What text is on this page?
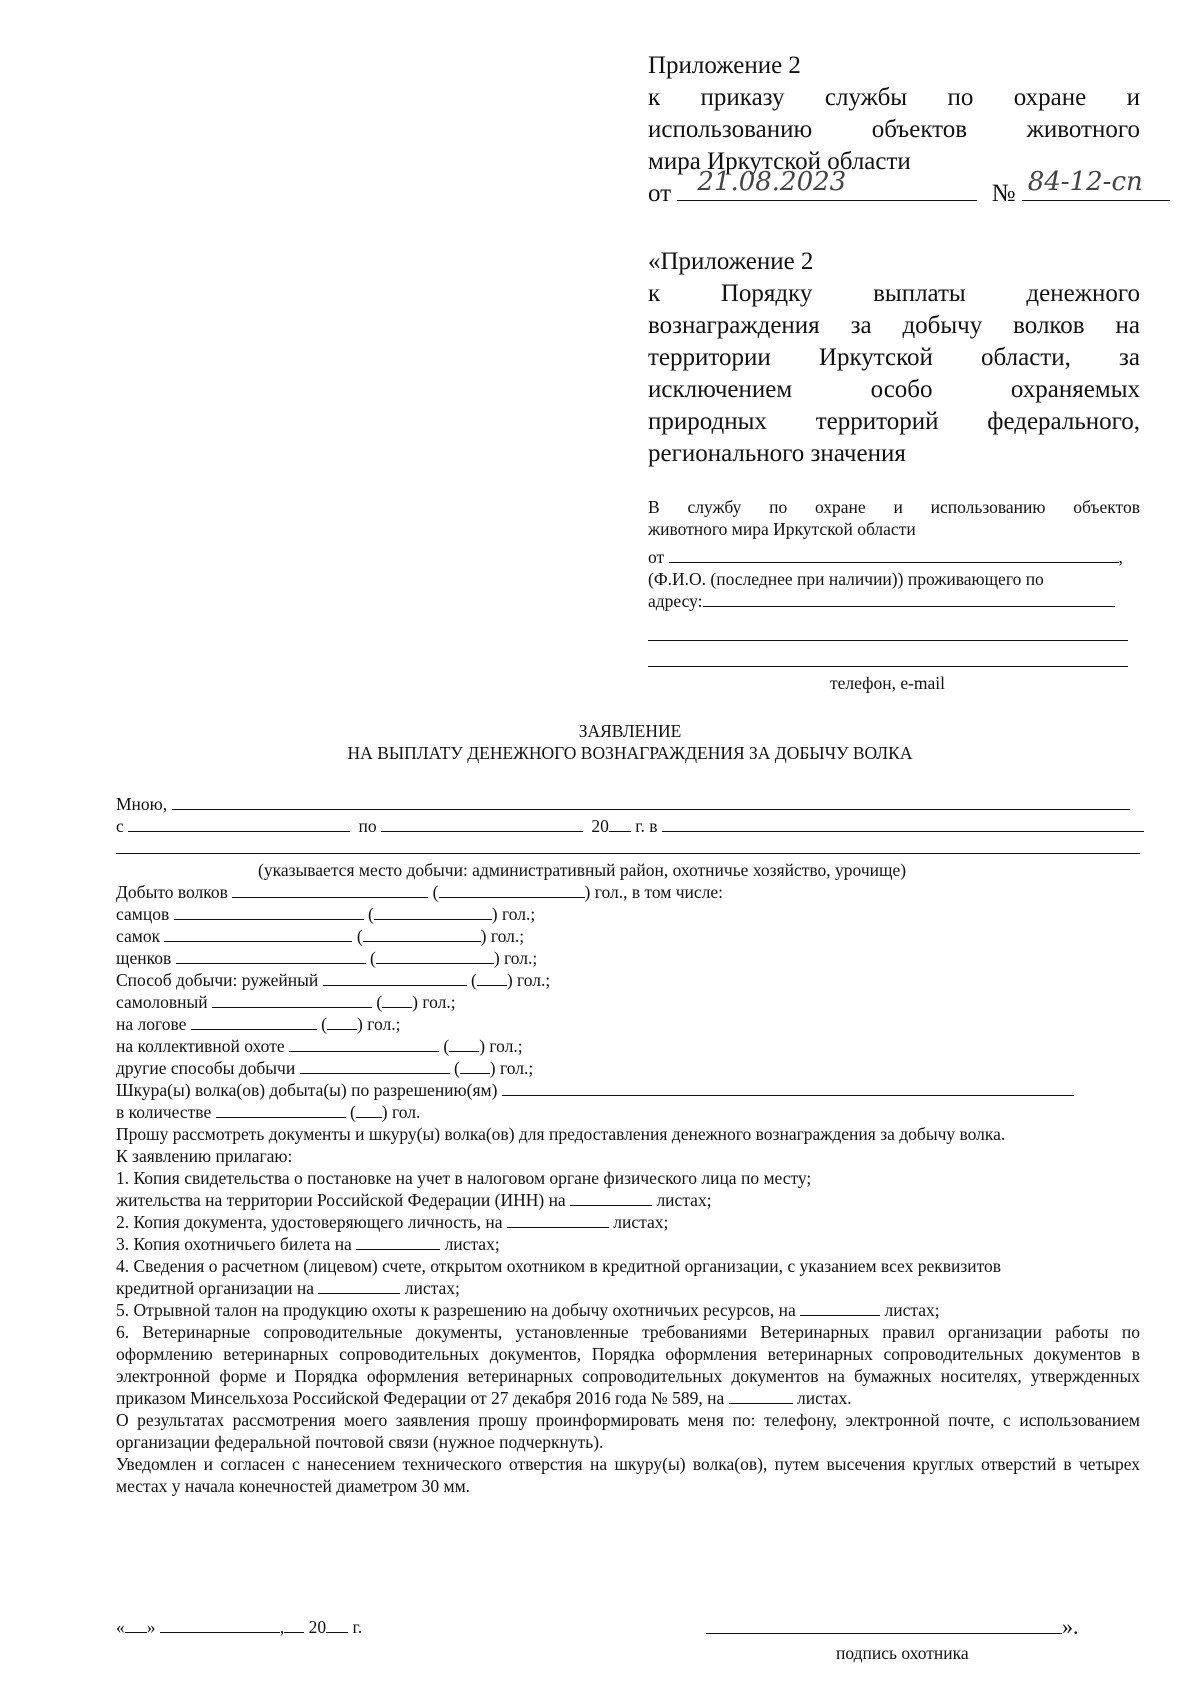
Приложение 2
к приказу службы по охране и
использованию объектов животного
мира Иркутской области
от 21.08.2023	№ 84-12-сп
«Приложение 2
к Порядку выплаты денежного
вознаграждения за добычу волков на
территории Иркутской области, за
исключением особо охраняемых
природных территорий федерального,
регионального значения
В службу по охране и использованию объектов
животного мира Иркутской области
от	,
(Ф.И.О. (последнее при наличии)) проживающего по
адресу:
телефон, e-mail
ЗАЯВЛЕНИЕ
НА ВЫПЛАТУ ДЕНЕЖНОГО ВОЗНАГРАЖДЕНИЯ ЗА ДОБЫЧУ ВОЛКА
Мною,
с	по	20 г. в
(указывается место добычи: административный район, охотничье хозяйство, урочище)
Добыто волков	(	) гол., в том числе:
самцов	(	) гол.;
самок	(	) гол.;
щенков	(	) гол.;
Способ добычи: ружейный	( ) гол.;
самоловный	( ) гол.;
на логове	( ) гол.;
на коллективной охоте	( ) гол.;
другие способы добычи	( ) гол.;
Шкура(ы) волка(ов) добыта(ы) по разрешению(ям)
в количестве	( ) гол.
Прошу рассмотреть документы и шкуру(ы) волка(ов) для предоставления денежного вознаграждения за добычу волка.
К заявлению прилагаю:
1. Копия свидетельства о постановке на учет в налоговом органе физического лица по месту;
жительства на территории Российской Федерации (ИНН) на	листах;
2. Копия документа, удостоверяющего личность, на	листах;
3. Копия охотничьего билета на	листах;
4. Сведения о расчетном (лицевом) счете, открытом охотником в кредитной организации, с указанием всех реквизитов
кредитной организации на	листах;
5. Отрывной талон на продукцию охоты к разрешению на добычу охотничьих ресурсов, на	листах;
6. Ветеринарные сопроводительные документы, установленные требованиями Ветеринарных правил организации работы по оформлению ветеринарных сопроводительных документов, Порядка оформления ветеринарных сопроводительных документов в электронной форме и Порядка оформления ветеринарных сопроводительных документов на бумажных носителях, утвержденных приказом Минсельхоза Российской Федерации от 27 декабря 2016 года № 589, на	листах.
О результатах рассмотрения моего заявления прошу проинформировать меня по: телефону, электронной почте, с использованием организации федеральной почтовой связи (нужное подчеркнуть).
Уведомлен и согласен с нанесением технического отверстия на шкуру(ы) волка(ов), путем высечения круглых отверстий в четырех местах у начала конечностей диаметром 30 мм.
« »	, 20 г.	».
подпись охотника
